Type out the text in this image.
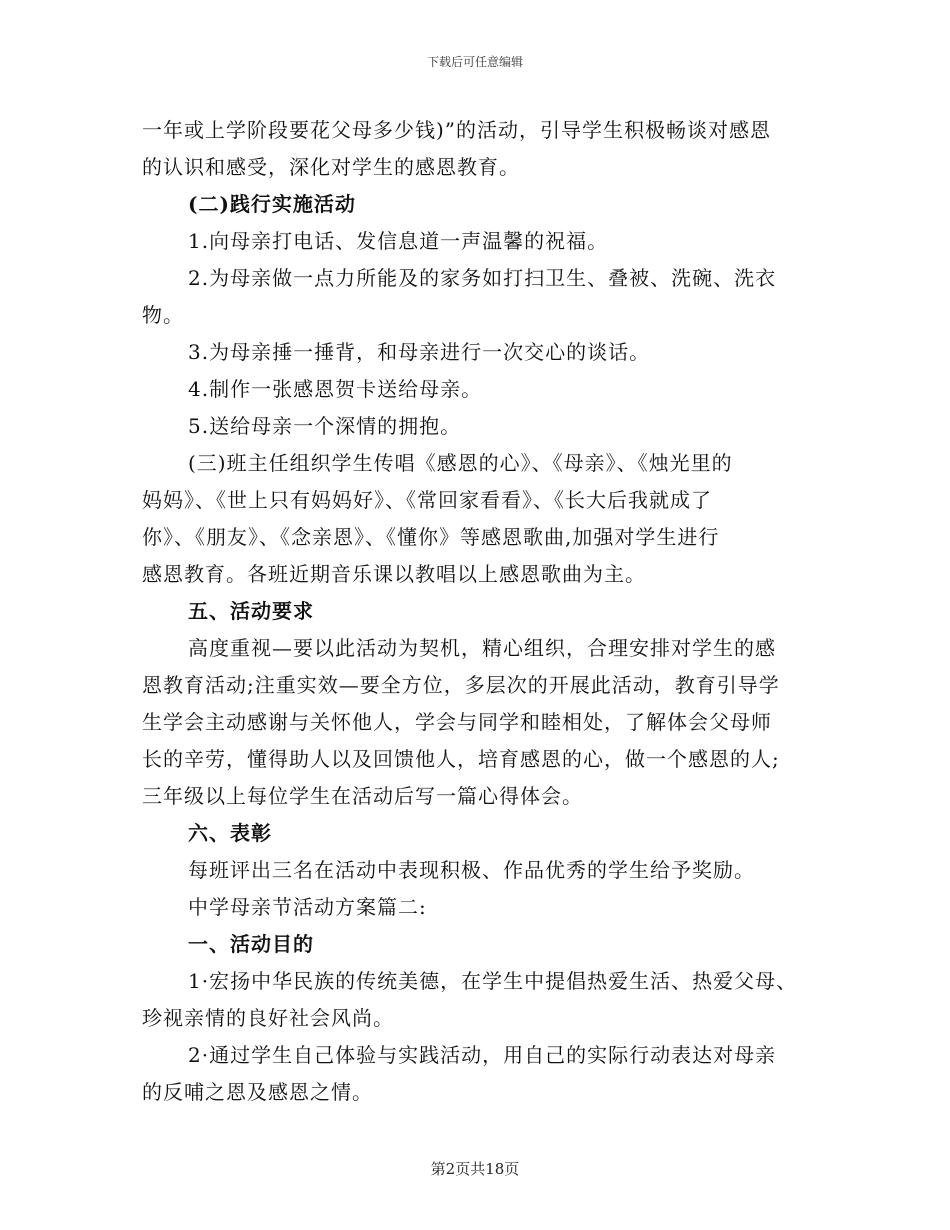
下载后可任意编辑
一年或上学阶段要花父母多少钱)”的活动，引导学生积极畅谈对感恩
的认识和感受，深化对学生的感恩教育。
(二)践行实施活动
1.向母亲打电话、发信息道一声温馨的祝福。
2.为母亲做一点力所能及的家务如打扫卫生、叠被、洗碗、洗衣
物。
3.为母亲捶一捶背，和母亲进行一次交心的谈话。
4.制作一张感恩贺卡送给母亲。
5.送给母亲一个深情的拥抱。
(三)班主任组织学生传唱《感恩的心》、《母亲》、《烛光里的
妈妈》、《世上只有妈妈好》、《常回家看看》、《长大后我就成了
你》、《朋友》、《念亲恩》、《懂你》等感恩歌曲,加强对学生进行
感恩教育。各班近期音乐课以教唱以上感恩歌曲为主。
五、活动要求
高度重视—要以此活动为契机，精心组织，合理安排对学生的感
恩教育活动;注重实效—要全方位，多层次的开展此活动，教育引导学
生学会主动感谢与关怀他人，学会与同学和睦相处，了解体会父母师
长的辛劳，懂得助人以及回馈他人，培育感恩的心，做一个感恩的人;
三年级以上每位学生在活动后写一篇心得体会。
六、表彰
每班评出三名在活动中表现积极、作品优秀的学生给予奖励。
中学母亲节活动方案篇二:
一、活动目的
1·宏扬中华民族的传统美德，在学生中提倡热爱生活、热爱父母、
珍视亲情的良好社会风尚。
2·通过学生自己体验与实践活动，用自己的实际行动表达对母亲
的反哺之恩及感恩之情。
第2页共18页
